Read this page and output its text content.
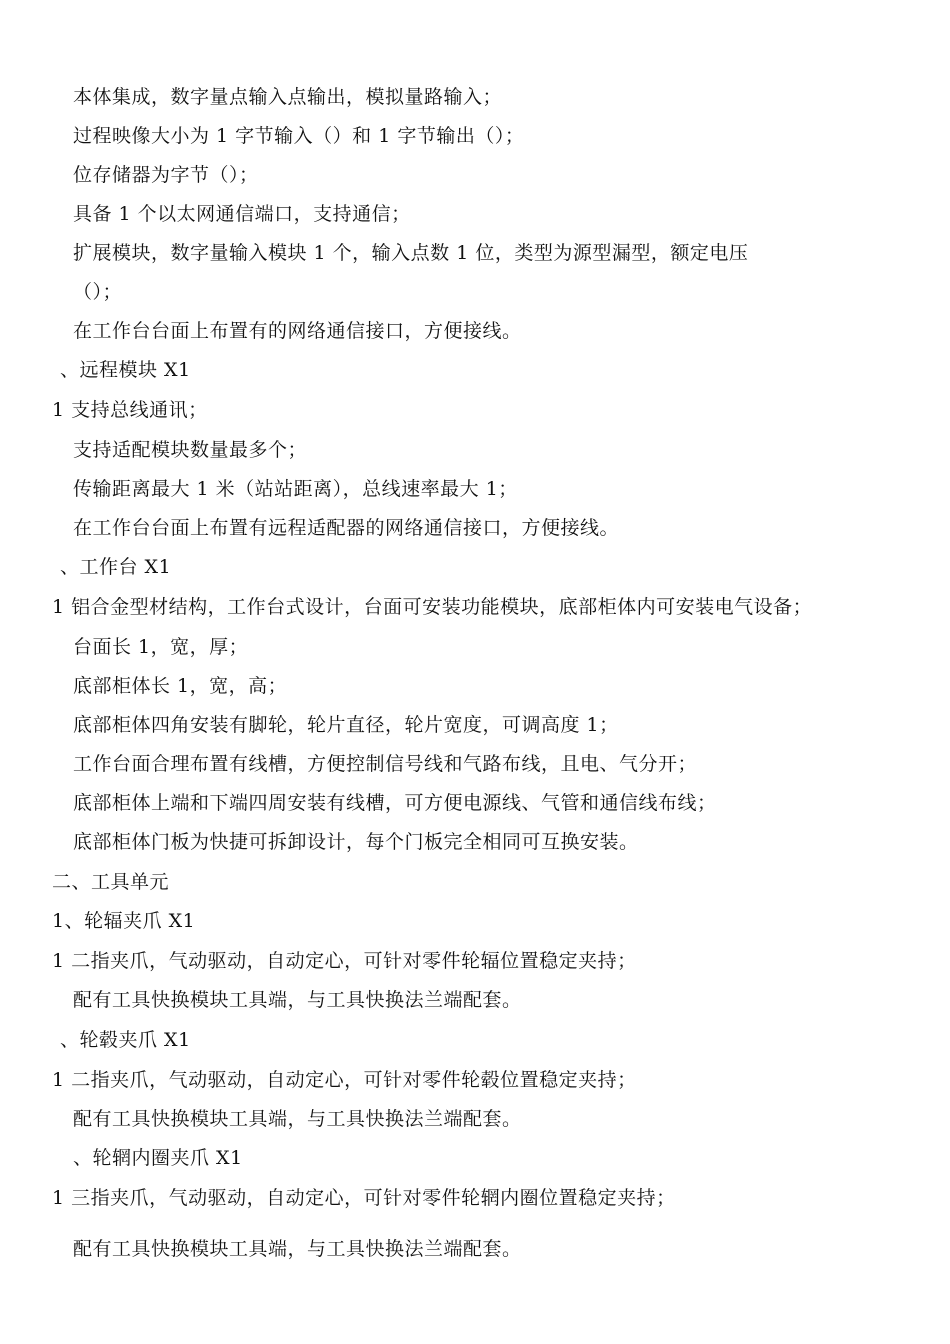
本体集成，数字量点输入点输出，模拟量路输入；
过程映像大小为 1 字节输入（）和 1 字节输出（）；
位存储器为字节（）；
具备 1 个以太网通信端口，支持通信；
扩展模块，数字量输入模块 1 个，输入点数 1 位，类型为源型漏型，额定电压
（）；
在工作台台面上布置有的网络通信接口，方便接线。
、远程模块 X1
1 支持总线通讯；
支持适配模块数量最多个；
传输距离最大 1 米（站站距离），总线速率最大 1；
在工作台台面上布置有远程适配器的网络通信接口，方便接线。
、工作台 X1
1 铝合金型材结构，工作台式设计，台面可安装功能模块，底部柜体内可安装电气设备；
台面长 1，宽，厚；
底部柜体长 1，宽，高；
底部柜体四角安装有脚轮，轮片直径，轮片宽度，可调高度 1；
工作台面合理布置有线槽，方便控制信号线和气路布线，且电、气分开；
底部柜体上端和下端四周安装有线槽，可方便电源线、气管和通信线布线；
底部柜体门板为快捷可拆卸设计，每个门板完全相同可互换安装。
二、工具单元
1、轮辐夹爪 X1
1 二指夹爪，气动驱动，自动定心，可针对零件轮辐位置稳定夹持；
配有工具快换模块工具端，与工具快换法兰端配套。
、轮毂夹爪 X1
1 二指夹爪，气动驱动，自动定心，可针对零件轮毂位置稳定夹持；
配有工具快换模块工具端，与工具快换法兰端配套。
、轮辋内圈夹爪 X1
1 三指夹爪，气动驱动，自动定心，可针对零件轮辋内圈位置稳定夹持；
配有工具快换模块工具端，与工具快换法兰端配套。
